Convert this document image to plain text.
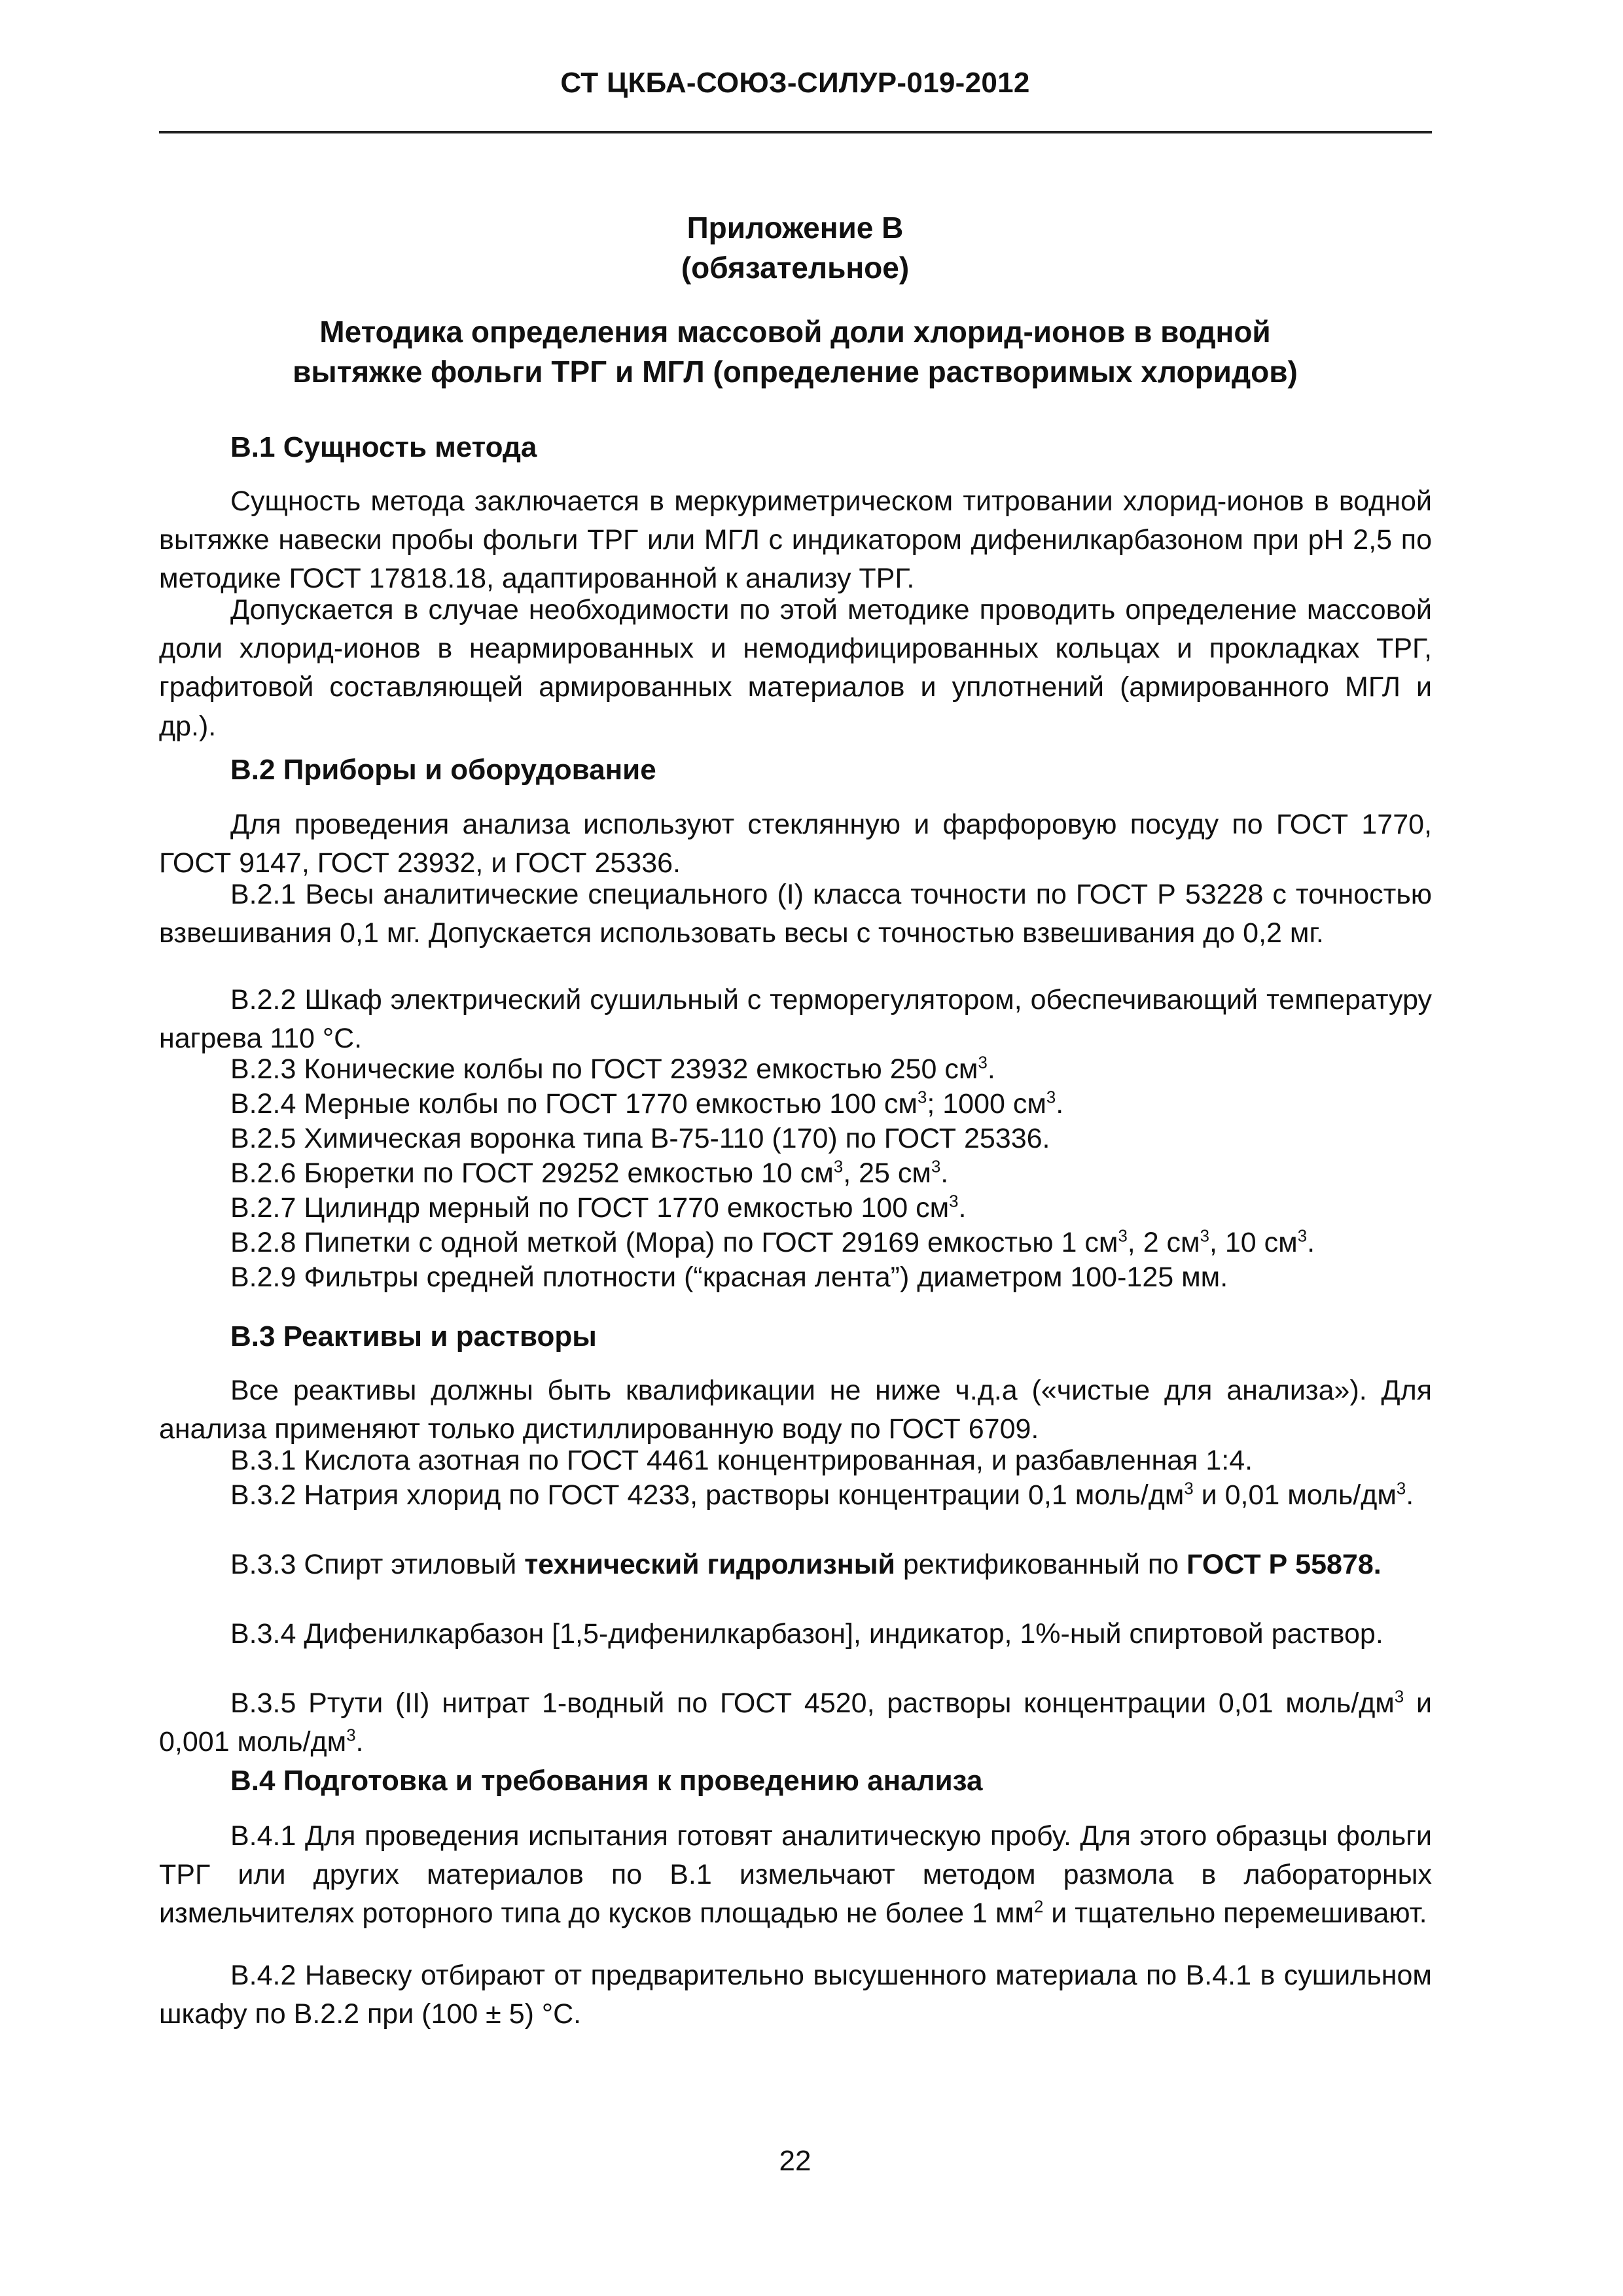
СТ ЦКБА-СОЮЗ-СИЛУР-019-2012
Приложение В
(обязательное)
Методика определения массовой доли хлорид-ионов в водной
вытяжке фольги ТРГ и МГЛ (определение растворимых хлоридов)
В.1 Сущность метода
Сущность метода заключается в меркуриметрическом титровании хлорид-ионов в водной вытяжке навески пробы фольги ТРГ или МГЛ с индикатором дифенилкарбазоном при рН 2,5 по методике ГОСТ 17818.18, адаптированной к анализу ТРГ.
Допускается в случае необходимости по этой методике проводить определение массовой доли хлорид-ионов в неармированных и немодифицированных кольцах и прокладках ТРГ, графитовой составляющей армированных материалов и уплотнений (армированного МГЛ и др.).
В.2 Приборы и оборудование
Для проведения анализа используют стеклянную и фарфоровую посуду по ГОСТ 1770, ГОСТ 9147, ГОСТ 23932, и ГОСТ 25336.
В.2.1 Весы аналитические специального (I) класса точности по ГОСТ Р 53228 с точностью взвешивания 0,1 мг. Допускается использовать весы с точностью взвешивания до 0,2 мг.
В.2.2 Шкаф электрический сушильный с терморегулятором, обеспечивающий температуру нагрева 110 °С.
В.2.3 Конические колбы по ГОСТ 23932 емкостью 250 $см^3$.
В.2.4 Мерные колбы по ГОСТ 1770 емкостью 100 $см^3$; 1000 $см^3$.
В.2.5 Химическая воронка типа В-75-110 (170) по ГОСТ 25336.
В.2.6 Бюретки по ГОСТ 29252 емкостью 10 $см^3$, 25 $см^3$.
В.2.7 Цилиндр мерный по ГОСТ 1770 емкостью 100 $см^3$.
В.2.8 Пипетки с одной меткой (Мора) по ГОСТ 29169 емкостью 1 $см^3$, 2 $см^3$, 10 $см^3$.
В.2.9 Фильтры средней плотности (“красная лента”) диаметром 100-125 мм.
В.3 Реактивы и растворы
Все реактивы должны быть квалификации не ниже ч.д.а («чистые для анализа»). Для анализа применяют только дистиллированную воду по ГОСТ 6709.
В.3.1 Кислота азотная по ГОСТ 4461 концентрированная, и разбавленная 1:4.
В.3.2 Натрия хлорид по ГОСТ 4233, растворы концентрации 0,1 моль/$дм^3$ и 0,01 моль/$дм^3$.
В.3.3 Спирт этиловый технический гидролизный ректификованный по ГОСТ Р 55878.
В.3.4 Дифенилкарбазон [1,5-дифенилкарбазон], индикатор, 1%-ный спиртовой раствор.
В.3.5 Ртути (II) нитрат 1-водный по ГОСТ 4520, растворы концентрации 0,01 моль/$дм^3$ и 0,001 моль/$дм^3$.
В.4 Подготовка и требования к проведению анализа
В.4.1 Для проведения испытания готовят аналитическую пробу. Для этого образцы фольги ТРГ или других материалов по В.1 измельчают методом размола в лабораторных измельчителях роторного типа до кусков площадью не более 1 $мм^2$ и тщательно перемешивают.
В.4.2 Навеску отбирают от предварительно высушенного материала по В.4.1 в сушильном шкафу по В.2.2 при (100 ± 5) °С.
22
